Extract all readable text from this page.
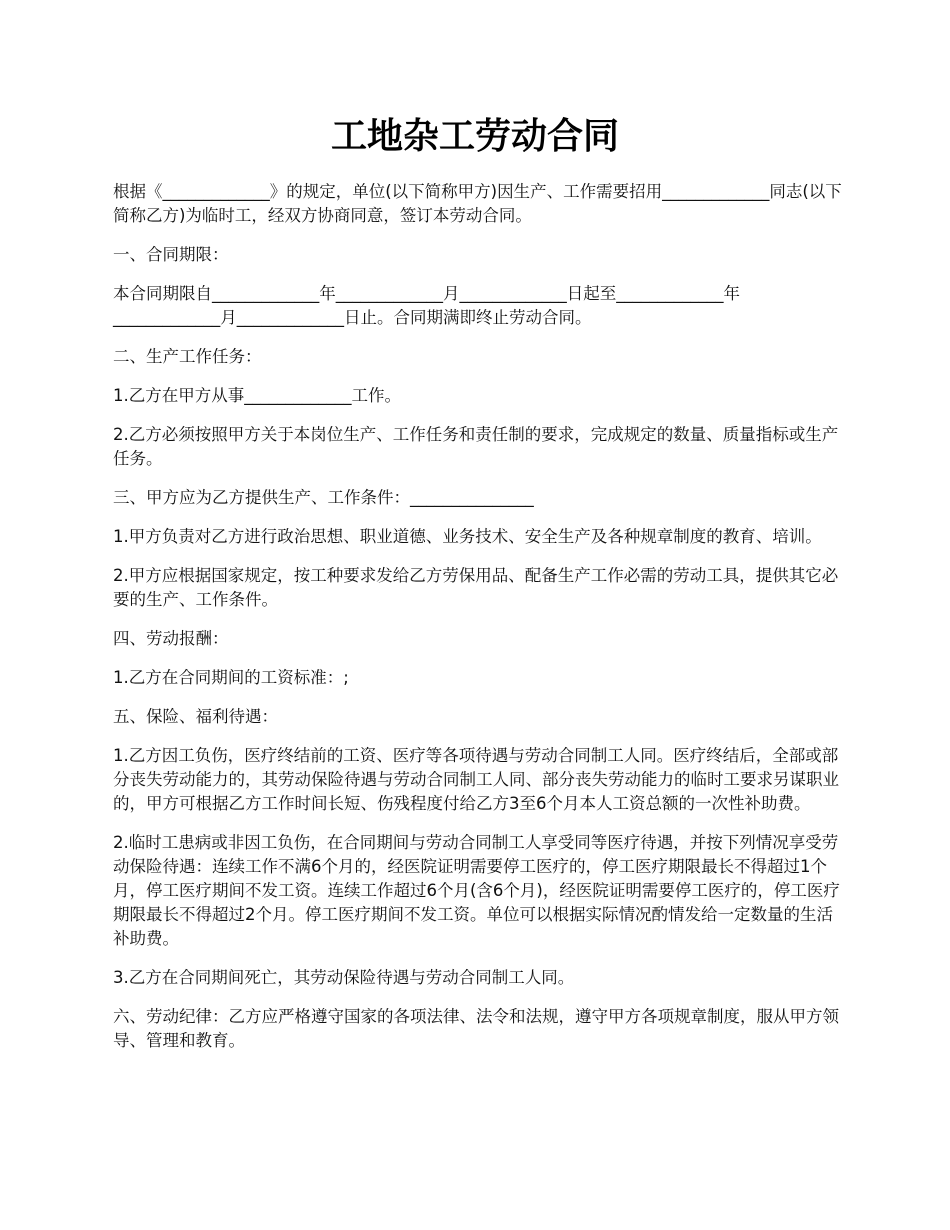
工地杂工劳动合同

根据《_____________》的规定，单位(以下简称甲方)因生产、工作需要招用_____________同志(以下简称乙方)为临时工，经双方协商同意，签订本劳动合同。

一、合同期限：

本合同期限自_____________年_____________月_____________日起至_____________年_____________月_____________日止。合同期满即终止劳动合同。

二、生产工作任务：

1.乙方在甲方从事_____________工作。

2.乙方必须按照甲方关于本岗位生产、工作任务和责任制的要求，完成规定的数量、质量指标或生产任务。

三、甲方应为乙方提供生产、工作条件：_______________

1.甲方负责对乙方进行政治思想、职业道德、业务技术、安全生产及各种规章制度的教育、培训。

2.甲方应根据国家规定，按工种要求发给乙方劳保用品、配备生产工作必需的劳动工具，提供其它必要的生产、工作条件。

四、劳动报酬：

1.乙方在合同期间的工资标准：;

五、保险、福利待遇：

1.乙方因工负伤，医疗终结前的工资、医疗等各项待遇与劳动合同制工人同。医疗终结后，全部或部分丧失劳动能力的，其劳动保险待遇与劳动合同制工人同、部分丧失劳动能力的临时工要求另谋职业的，甲方可根据乙方工作时间长短、伤残程度付给乙方3至6个月本人工资总额的一次性补助费。

2.临时工患病或非因工负伤，在合同期间与劳动合同制工人享受同等医疗待遇，并按下列情况享受劳动保险待遇：连续工作不满6个月的，经医院证明需要停工医疗的，停工医疗期限最长不得超过1个月，停工医疗期间不发工资。连续工作超过6个月(含6个月)，经医院证明需要停工医疗的，停工医疗期限最长不得超过2个月。停工医疗期间不发工资。单位可以根据实际情况酌情发给一定数量的生活补助费。

3.乙方在合同期间死亡，其劳动保险待遇与劳动合同制工人同。

六、劳动纪律：乙方应严格遵守国家的各项法律、法令和法规，遵守甲方各项规章制度，服从甲方领导、管理和教育。
